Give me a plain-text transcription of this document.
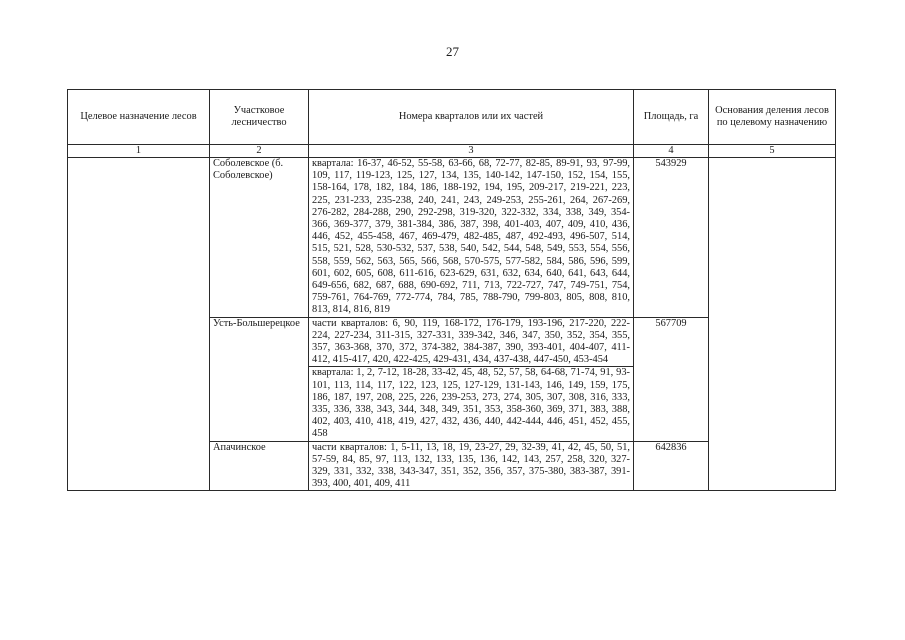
27
Целевое назначение лесов	Участковое лесничество	Номера кварталов или их частей	Площадь, га	Основания деления лесов по целевому назначению
1	2	3	4	5
	Соболевское (б. Соболевское)	квартала: 16-37, 46-52, 55-58, 63-66, 68, 72-77, 82-85, 89-91, 93, 97-99, 109, 117, 119-123, 125, 127, 134, 135, 140-142, 147-150, 152, 154, 155, 158-164, 178, 182, 184, 186, 188-192, 194, 195, 209-217, 219-221, 223, 225, 231-233, 235-238, 240, 241, 243, 249-253, 255-261, 264, 267-269, 276-282, 284-288, 290, 292-298, 319-320, 322-332, 334, 338, 349, 354-366, 369-377, 379, 381-384, 386, 387, 398, 401-403, 407, 409, 410, 436, 446, 452, 455-458, 467, 469-479, 482-485, 487, 492-493, 496-507, 514, 515, 521, 528, 530-532, 537, 538, 540, 542, 544, 548, 549, 553, 554, 556, 558, 559, 562, 563, 565, 566, 568, 570-575, 577-582, 584, 586, 596, 599, 601, 602, 605, 608, 611-616, 623-629, 631, 632, 634, 640, 641, 643, 644, 649-656, 682, 687, 688, 690-692, 711, 713, 722-727, 747, 749-751, 754, 759-761, 764-769, 772-774, 784, 785, 788-790, 799-803, 805, 808, 810, 813, 814, 816, 819	543929	
	Усть-Большерецкое	части кварталов: 6, 90, 119, 168-172, 176-179, 193-196, 217-220, 222-224, 227-234, 311-315, 327-331, 339-342, 346, 347, 350, 352, 354, 355, 357, 363-368, 370, 372, 374-382, 384-387, 390, 393-401, 404-407, 411-412, 415-417, 420, 422-425, 429-431, 434, 437-438, 447-450, 453-454	567709	
		квартала: 1, 2, 7-12, 18-28, 33-42, 45, 48, 52, 57, 58, 64-68, 71-74, 91, 93-101, 113, 114, 117, 122, 123, 125, 127-129, 131-143, 146, 149, 159, 175, 186, 187, 197, 208, 225, 226, 239-253, 273, 274, 305, 307, 308, 316, 333, 335, 336, 338, 343, 344, 348, 349, 351, 353, 358-360, 369, 371, 383, 388, 402, 403, 410, 418, 419, 427, 432, 436, 440, 442-444, 446, 451, 452, 455, 458		
	Апачинское	части кварталов: 1, 5-11, 13, 18, 19, 23-27, 29, 32-39, 41, 42, 45, 50, 51, 57-59, 84, 85, 97, 113, 132, 133, 135, 136, 142, 143, 257, 258, 320, 327-329, 331, 332, 338, 343-347, 351, 352, 356, 357, 375-380, 383-387, 391-393, 400, 401, 409, 411	642836	
